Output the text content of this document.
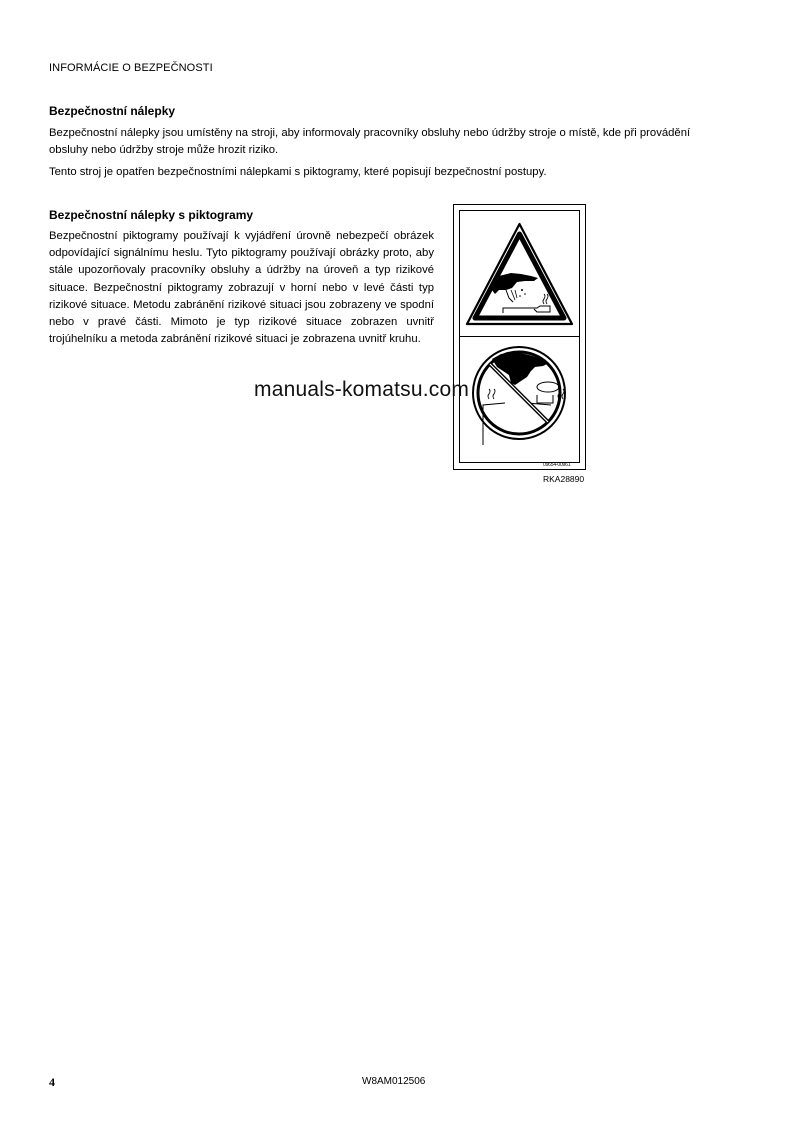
INFORMÁCIE O BEZPEČNOSTI
Bezpečnostní nálepky
Bezpečnostní nálepky jsou umístěny na stroji, aby informovaly pracovníky obsluhy nebo údržby stroje o místě, kde při provádění obsluhy nebo údržby stroje může hrozit riziko.
Tento stroj je opatřen bezpečnostními nálepkami s piktogramy, které popisují bezpečnostní postupy.
Bezpečnostní nálepky s piktogramy
Bezpečnostní piktogramy používají k vyjádření úrovně nebezpečí obrázek odpovídající signálnímu heslu. Tyto piktogramy používají obrázky proto, aby stále upozorňovaly pracovníky obsluhy a údržby na úroveň a typ rizikové situace. Bezpečnostní piktogramy zobrazují v horní nebo v levé části typ rizikové situace. Metodu zabránění rizikové situaci jsou zobrazeny ve spodní nebo v pravé části. Mimoto je typ rizikové situace zobrazen uvnitř trojúhelníku a metoda zabránění rizikové situaci je zobrazena uvnitř kruhu.
09654-00961
RKA28890
manuals-komatsu.com
4	W8AM012506
